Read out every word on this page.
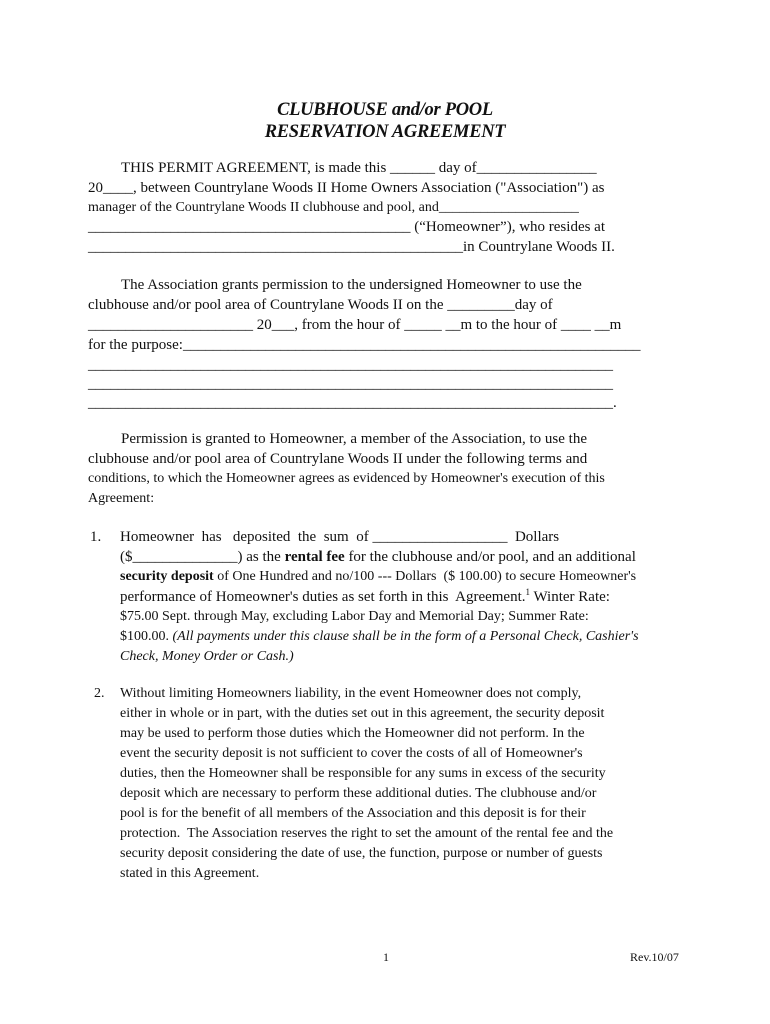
CLUBHOUSE and/or POOL
RESERVATION AGREEMENT
THIS PERMIT AGREEMENT, is made this ______ day of________________
20____, between Countrylane Woods II Home Owners Association ("Association") as
manager of the Countrylane Woods II clubhouse and pool, and____________________
___________________________________________ (“Homeowner”), who resides at
__________________________________________________in Countrylane Woods II.
The Association grants permission to the undersigned Homeowner to use the
clubhouse and/or pool area of Countrylane Woods II on the _________day of
______________________ 20___, from the hour of _____ __m to the hour of ____ __m
for the purpose:_____________________________________________________________
______________________________________________________________________
______________________________________________________________________
______________________________________________________________________.
Permission is granted to Homeowner, a member of the Association, to use the
clubhouse and/or pool area of Countrylane Woods II under the following terms and
conditions, to which the Homeowner agrees as evidenced by Homeowner's execution of this
Agreement:
1. Homeowner  has   deposited  the  sum  of __________________  Dollars
($______________) as the rental fee for the clubhouse and/or pool, and an additional
security deposit of One Hundred and no/100 --- Dollars  ($ 100.00) to secure Homeowner's
performance of Homeowner's duties as set forth in this  Agreement.$^1$ Winter Rate:
$75.00 Sept. through May, excluding Labor Day and Memorial Day; Summer Rate:
$100.00. (All payments under this clause shall be in the form of a Personal Check, Cashier's
Check, Money Order or Cash.)
2. Without limiting Homeowners liability, in the event Homeowner does not comply,
either in whole or in part, with the duties set out in this agreement, the security deposit
may be used to perform those duties which the Homeowner did not perform. In the
event the security deposit is not sufficient to cover the costs of all of Homeowner's
duties, then the Homeowner shall be responsible for any sums in excess of the security
deposit which are necessary to perform these additional duties. The clubhouse and/or
pool is for the benefit of all members of the Association and this deposit is for their
protection.  The Association reserves the right to set the amount of the rental fee and the
security deposit considering the date of use, the function, purpose or number of guests
stated in this Agreement.
1	Rev.10/07
